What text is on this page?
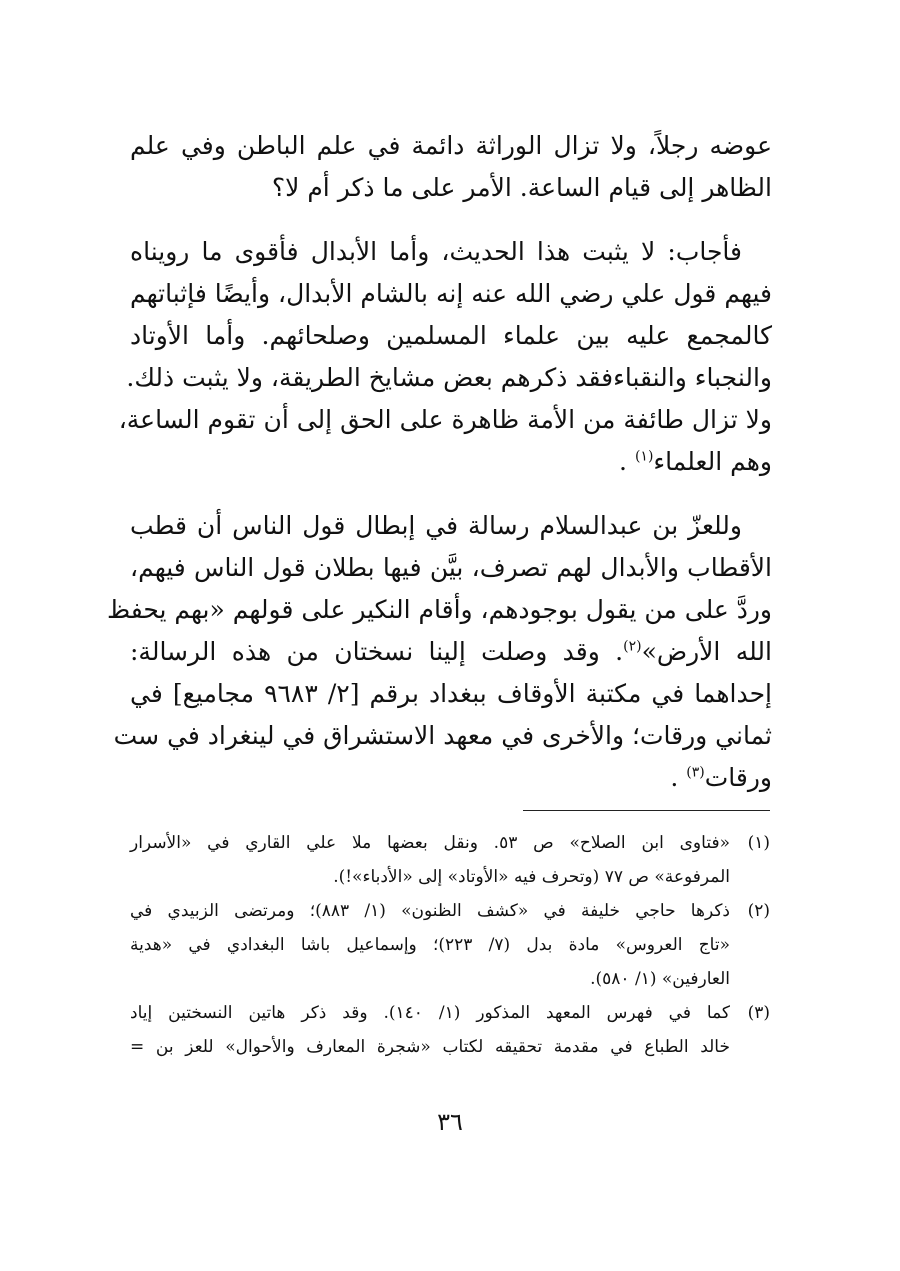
عوضه رجلاً، ولا تزال الوراثة دائمة في علم الباطن وفي علم
الظاهر إلى قيام الساعة. الأمر على ما ذكر أم لا؟

فأجاب: لا يثبت هذا الحديث، وأما الأبدال فأقوى ما رويناه
فيهم قول علي رضي الله عنه إنه بالشام الأبدال، وأيضًا فإثباتهم
كالمجمع عليه بين علماء المسلمين وصلحائهم. وأما الأوتاد
والنجباء والنقباءفقد ذكرهم بعض مشايخ الطريقة، ولا يثبت ذلك.
ولا تزال طائفة من الأمة ظاهرة على الحق إلى أن تقوم الساعة،
وهم العلماء$^{(١)}$ .

وللعزّ بن عبدالسلام رسالة في إبطال قول الناس أن قطب
الأقطاب والأبدال لهم تصرف، بيَّن فيها بطلان قول الناس فيهم،
وردَّ على من يقول بوجودهم، وأقام النكير على قولهم «بهم يحفظ
الله الأرض»$^{(٢)}$. وقد وصلت إلينا نسختان من هذه الرسالة:
إحداهما في مكتبة الأوقاف ببغداد برقم [٢/ ٩٦٨٣ مجاميع] في
ثماني ورقات؛ والأخرى في معهد الاستشراق في لينغراد في ست
ورقات$^{(٣)}$ .

(١)
«فتاوى ابن الصلاح» ص ٥٣. ونقل بعضها ملا علي القاري في «الأسرار
المرفوعة» ص ٧٧ (وتحرف فيه «الأوتاد» إلى «الأدباء»!).
(٢)
ذكرها حاجي خليفة في «كشف الظنون» (١/ ٨٨٣)؛ ومرتضى الزبيدي في
«تاج العروس» مادة بدل (٧/ ٢٢٣)؛ وإسماعيل باشا البغدادي في «هدية
العارفين» (١/ ٥٨٠).
(٣)
كما في فهرس المعهد المذكور (١/ ١٤٠). وقد ذكر هاتين النسختين إياد
خالد الطباع في مقدمة تحقيقه لكتاب «شجرة المعارف والأحوال» للعز بن =
٣٦
